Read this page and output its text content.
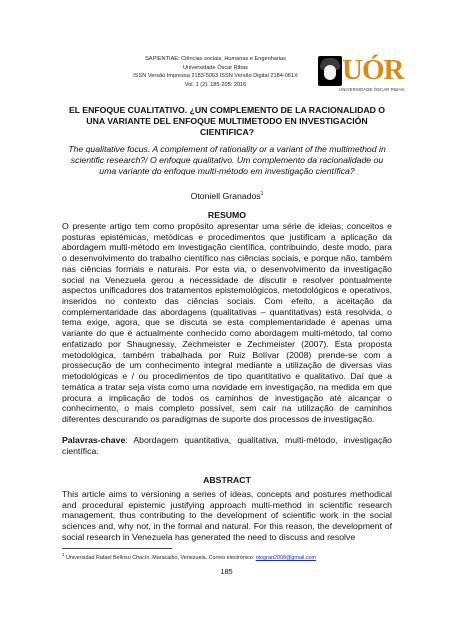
SAPIENTIAE: Ciências sociais, Humanas e Engenharias
Universidade Óscar Ribas
ISSN Versão Impressa 2183-5063 ISSN Versão Digital 2184-061X
Vol. 1 (2). 185-205: 2016	UÓR
UNIVERSIDADE ÓSCAR RIBAS
EL ENFOQUE CUALITATIVO. ¿UN COMPLEMENTO DE LA RACIONALIDAD O UNA VARIANTE DEL ENFOQUE MULTIMETODO EN INVESTIGACIÓN CIENTIFICA?
The qualitative focus. A complement of rationality or a variant of the multimethod in scientific research?/ O enfoque qualitativo. Um complemento da racionalidade ou uma variante do enfoque multi-método em investigação científica?
Otoniell Granados$^1$
RESUMO
O presente artigo tem como propósito apresentar uma série de ideias, conceitos e posturas epistémicas, metódicas e procedimentos que justificam a aplicação da abordagem multi-método em investigação científica, contribuindo, deste modo, para o desenvolvimento do trabalho científico nas ciências sociais, e porque não, também nas ciências formais e naturais. Por esta via, o desenvolvimento da investigação social na Venezuela gerou a necessidade de discutir e resolver pontualmente aspectos unificadores dos tratamentos epistemológicos, metodológicos e operativos, inseridos no contexto das ciências sociais. Com efeito, a aceitação da complementaridade das abordagens (qualitativas – quantitativas) está resolvida, o tema exige, agora, que se discuta se esta complementaridade é apenas uma variante do que é actualmente conhecido como abordagem multi-método, tal como enfatizado por Shaugnessy, Zechmeister e Zechmeister (2007). Esta proposta metodológica, também trabalhada por Ruiz Bolívar (2008) prende-se com a prossecução de um conhecimento integral mediante a utilização de diversas vias metodológicas e / ou procedimentos de tipo quantitativo e qualitativo. Daí que a temática a tratar seja vista como uma novidade em investigação, na medida em que procura a implicação de todos os caminhos de investigação até alcançar o conhecimento, o mais completo possível, sem cair na utilização de caminhos diferentes descurando os paradigmas de suporte dos processos de investigação.
Palavras-chave: Abordagem quantitativa, qualitativa, multi-método, investigação científica.
ABSTRACT
This article aims to versioning a series of ideas, concepts and postures methodical and procedural epistemic justifying approach multi-method in scientific research management, thus contributing to the development of scientific work in the social sciences and, why not, in the formal and natural. For this reason, the development of social research in Venezuela has generated the need to discuss and resolve
$^1$ Universidad Rafael Belloso Chacín. Maracaibo, Venezuela. Correo electrónico: otogran2008@gmail.com
185
